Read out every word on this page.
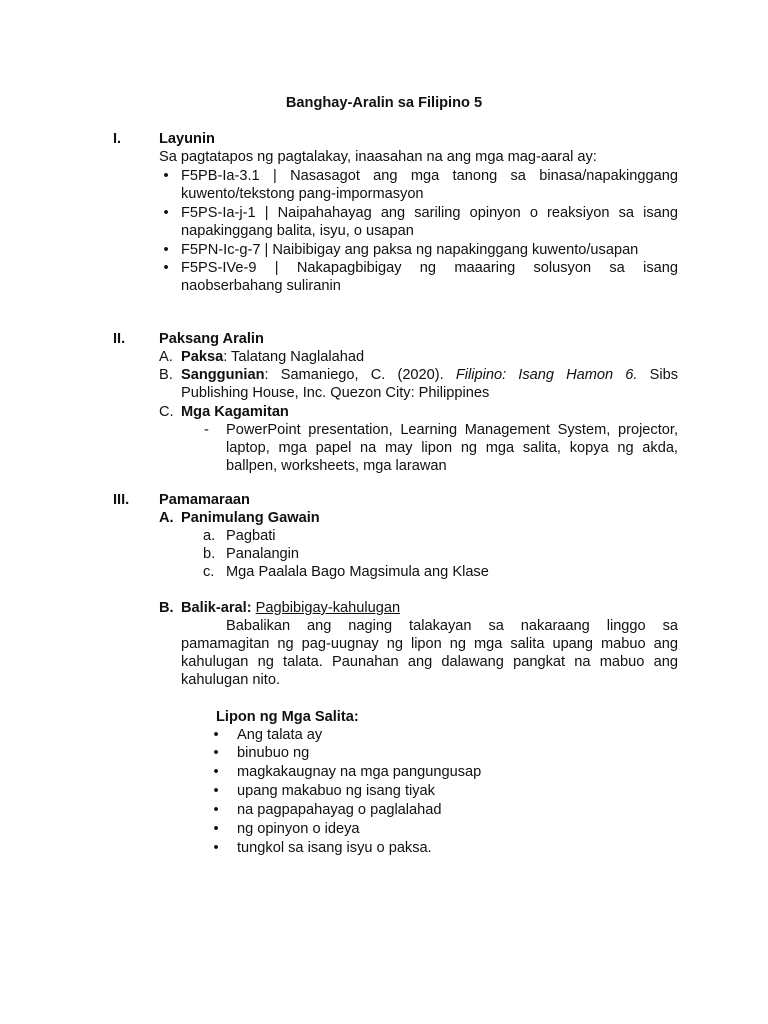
Banghay-Aralin sa Filipino 5
I.	Layunin
Sa pagtatapos ng pagtalakay, inaasahan na ang mga mag-aaral ay:
• F5PB-Ia-3.1 | Nasasagot ang mga tanong sa binasa/napakinggang kuwento/tekstong pang-impormasyon
• F5PS-Ia-j-1 | Naipahahayag ang sariling opinyon o reaksiyon sa isang napakinggang balita, isyu, o usapan
• F5PN-Ic-g-7 | Naibibigay ang paksa ng napakinggang kuwento/usapan
• F5PS-IVe-9 | Nakapagbibigay ng maaaring solusyon sa isang naobserbahang suliranin
II. Paksang Aralin
A. Paksa: Talatang Naglalahad
B. Sanggunian: Samaniego, C. (2020). Filipino: Isang Hamon 6. Sibs Publishing House, Inc. Quezon City: Philippines
C. Mga Kagamitan
- PowerPoint presentation, Learning Management System, projector, laptop, mga papel na may lipon ng mga salita, kopya ng akda, ballpen, worksheets, mga larawan
III. Pamamaraan
A. Panimulang Gawain
a. Pagbati
b. Panalangin
c. Mga Paalala Bago Magsimula ang Klase
B. Balik-aral: Pagbibigay-kahulugan
Babalikan ang naging talakayan sa nakaraang linggo sa pamamagitan ng pag-uugnay ng lipon ng mga salita upang mabuo ang kahulugan ng talata. Paunahan ang dalawang pangkat na mabuo ang kahulugan nito.
Lipon ng Mga Salita:
•	Ang talata ay
•	binubuo ng
•	magkakaugnay na mga pangungusap
•	upang makabuo ng isang tiyak
•	na pagpapahayag o paglalahad
•	ng opinyon o ideya
•	tungkol sa isang isyu o paksa.
